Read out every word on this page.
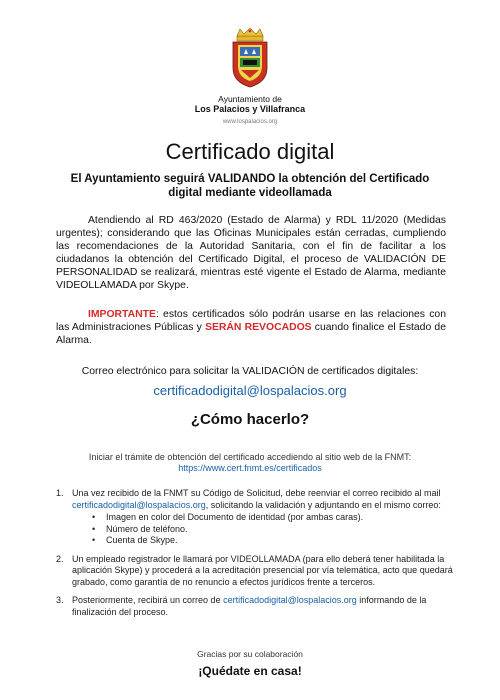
Ayuntamiento de
Los Palacios y Villafranca
www.lospalacios.org
Certificado digital
El Ayuntamiento seguirá VALIDANDO la obtención del Certificado digital mediante videollamada
Atendiendo al RD 463/2020 (Estado de Alarma) y RDL 11/2020 (Medidas urgentes); considerando que las Oficinas Municipales están cerradas, cumpliendo las recomendaciones de la Autoridad Sanitaria, con el fin de facilitar a los ciudadanos la obtención del Certificado Digital, el proceso de VALIDACIÓN DE PERSONALIDAD se realizará, mientras esté vigente el Estado de Alarma, mediante VIDEOLLAMADA por Skype.
IMPORTANTE: estos certificados sólo podrán usarse en las relaciones con las Administraciones Públicas y SERÁN REVOCADOS cuando finalice el Estado de Alarma.
Correo electrónico para solicitar la VALIDACIÓN de certificados digitales:
certificadodigital@lospalacios.org
¿Cómo hacerlo?
Iniciar el trámite de obtención del certificado accediendo al sitio web de la FNMT:
https://www.cert.fnmt.es/certificados
1. Una vez recibido de la FNMT su Código de Solicitud, debe reenviar el correo recibido al mail certificadodigital@lospalacios.org, solicitando la validación y adjuntando en el mismo correo:
• Imagen en color del Documento de identidad (por ambas caras).
• Número de teléfono.
• Cuenta de Skype.
2. Un empleado registrador le llamará por VIDEOLLAMADA (para ello deberá tener habilitada la aplicación Skype) y procederá a la acreditación presencial por vía telemática, acto que quedará grabado, como garantía de no renuncio a efectos jurídicos frente a terceros.
3. Posteriormente, recibirá un correo de certificadodigital@lospalacios.org informando de la finalización del proceso.
Gracias por su colaboración
¡Quédate en casa!
